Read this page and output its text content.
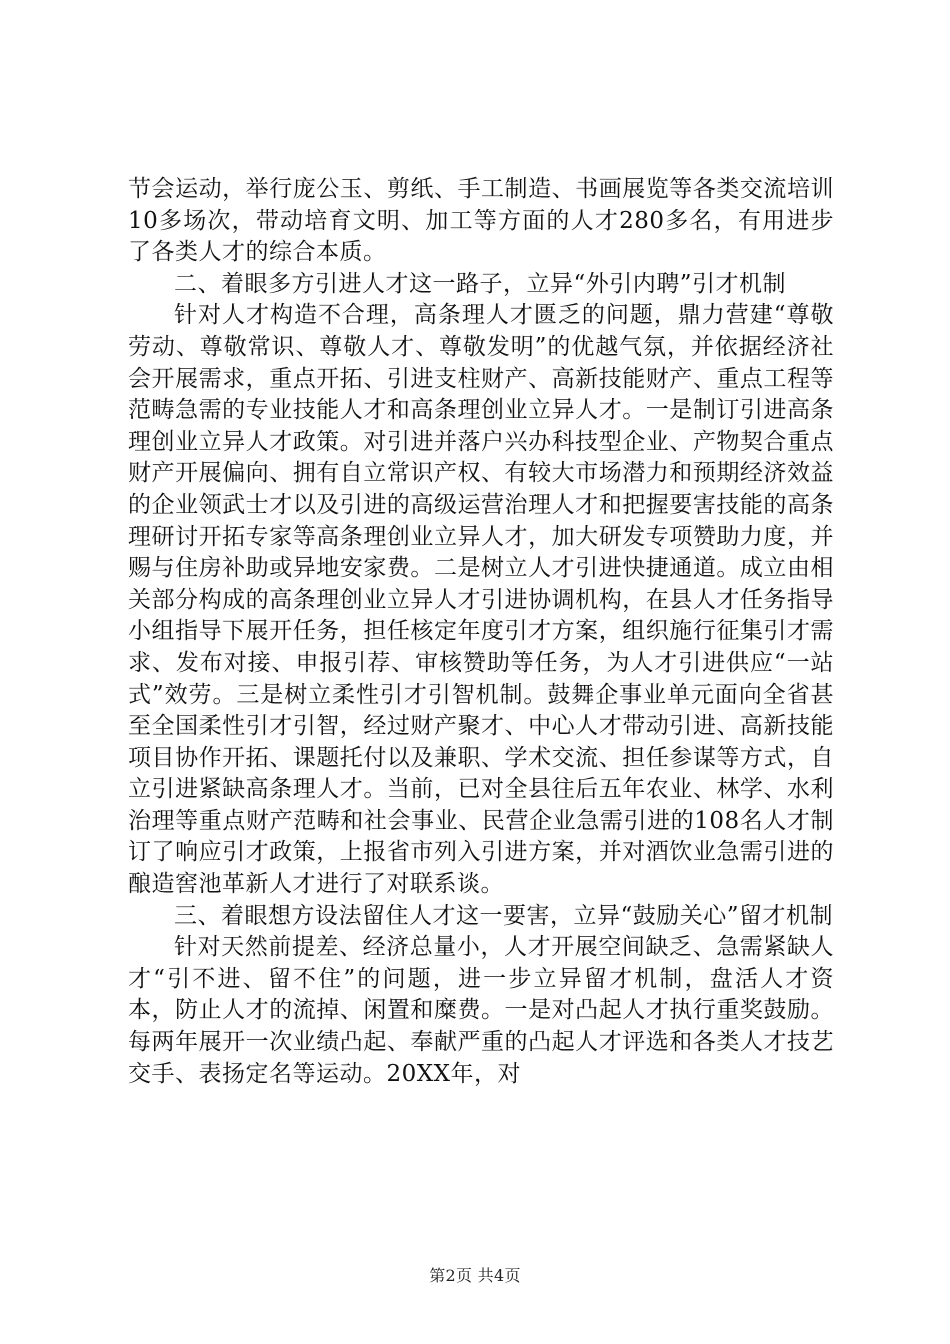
节会运动，举行庞公玉、剪纸、手工制造、书画展览等各类交流培训10多场次，带动培育文明、加工等方面的人才280多名，有用进步了各类人才的综合本质。

二、着眼多方引进人才这一路子，立异“外引内聘”引才机制

针对人才构造不合理，高条理人才匮乏的问题，鼎力营建“尊敬劳动、尊敬常识、尊敬人才、尊敬发明”的优越气氛，并依据经济社会开展需求，重点开拓、引进支柱财产、高新技能财产、重点工程等范畴急需的专业技能人才和高条理创业立异人才。一是制订引进高条理创业立异人才政策。对引进并落户兴办科技型企业、产物契合重点财产开展偏向、拥有自立常识产权、有较大市场潜力和预期经济效益的企业领武士才以及引进的高级运营治理人才和把握要害技能的高条理研讨开拓专家等高条理创业立异人才，加大研发专项赞助力度，并赐与住房补助或异地安家费。二是树立人才引进快捷通道。成立由相关部分构成的高条理创业立异人才引进协调机构，在县人才任务指导小组指导下展开任务，担任核定年度引才方案，组织施行征集引才需求、发布对接、申报引荐、审核赞助等任务，为人才引进供应“一站式”效劳。三是树立柔性引才引智机制。鼓舞企事业单元面向全省甚至全国柔性引才引智，经过财产聚才、中心人才带动引进、高新技能项目协作开拓、课题托付以及兼职、学术交流、担任参谋等方式，自立引进紧缺高条理人才。当前，已对全县往后五年农业、林学、水利治理等重点财产范畴和社会事业、民营企业急需引进的108名人才制订了响应引才政策，上报省市列入引进方案，并对酒饮业急需引进的酿造窖池革新人才进行了对联系谈。

三、着眼想方设法留住人才这一要害，立异“鼓励关心”留才机制

针对天然前提差、经济总量小，人才开展空间缺乏、急需紧缺人才“引不进、留不住”的问题，进一步立异留才机制，盘活人才资本，防止人才的流掉、闲置和糜费。一是对凸起人才执行重奖鼓励。每两年展开一次业绩凸起、奉献严重的凸起人才评选和各类人才技艺交手、表扬定名等运动。20XX年，对

第2页 共4页
